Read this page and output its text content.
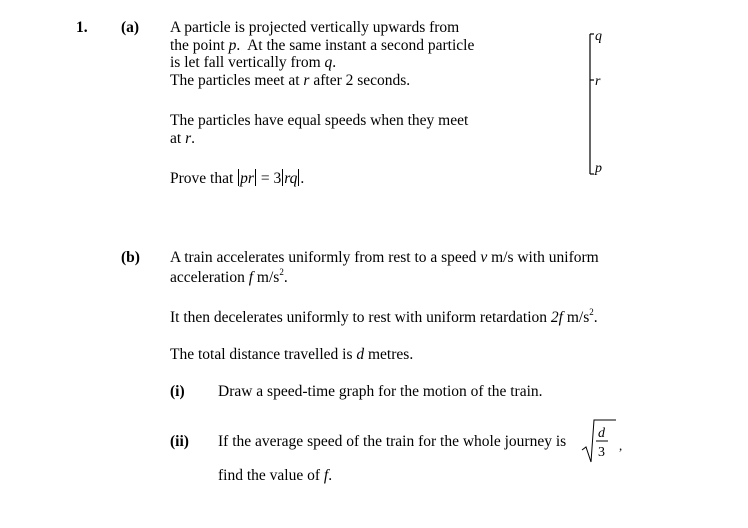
1. (a) A particle is projected vertically upwards from
the point p.  At the same instant a second particle
is let fall vertically from q.
The particles meet at r after 2 seconds.
The particles have equal speeds when they meet
at r.
Prove that pr = 3 rq .
q
r
p
(b) A train accelerates uniformly from rest to a speed v m/s with uniform
acceleration f $m/s^2$.
It then decelerates uniformly to rest with uniform retardation 2f $m/s^2$.
The total distance travelled is d metres.
(i) Draw a speed-time graph for the motion of the train.
(ii) If the average speed of the train for the whole journey is d
3 ,
find the value of f.
